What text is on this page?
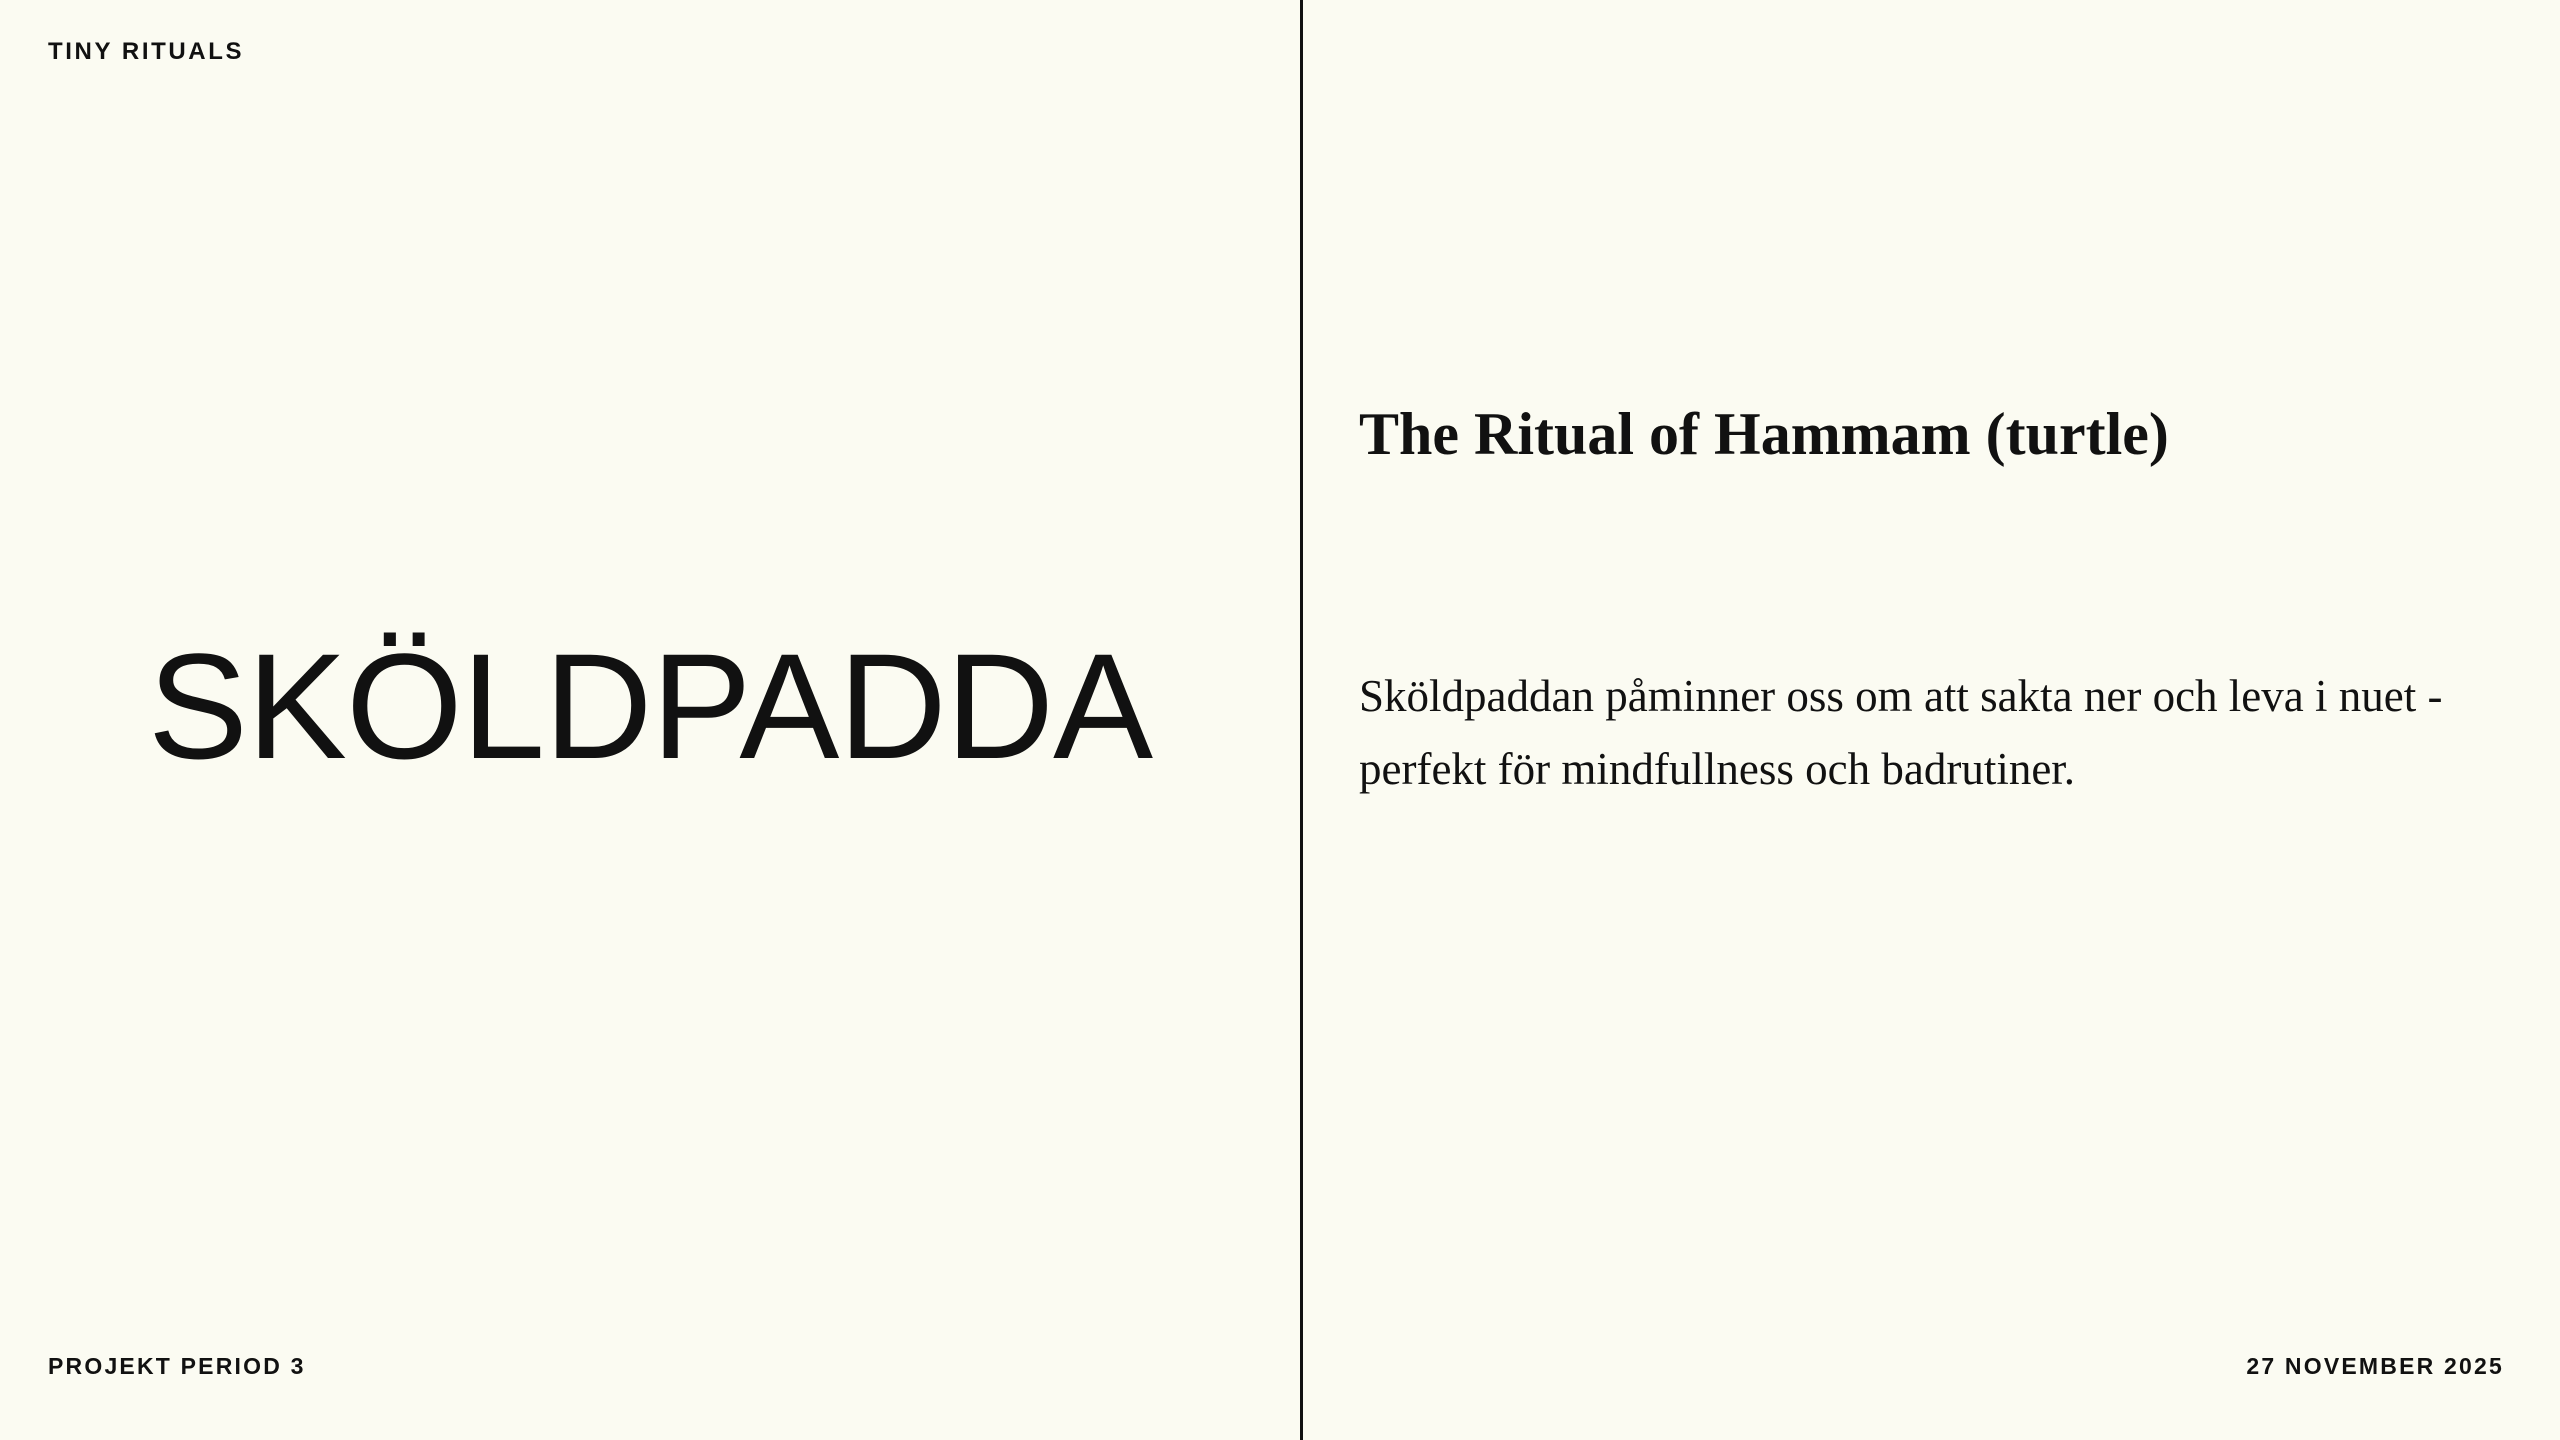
TINY RITUALS
SKÖLDPADDA
PROJEKT PERIOD 3
The Ritual of Hammam (turtle)
Sköldpaddan påminner oss om att sakta ner och leva i nuet - perfekt för mindfullness och badrutiner.
27 NOVEMBER 2025
